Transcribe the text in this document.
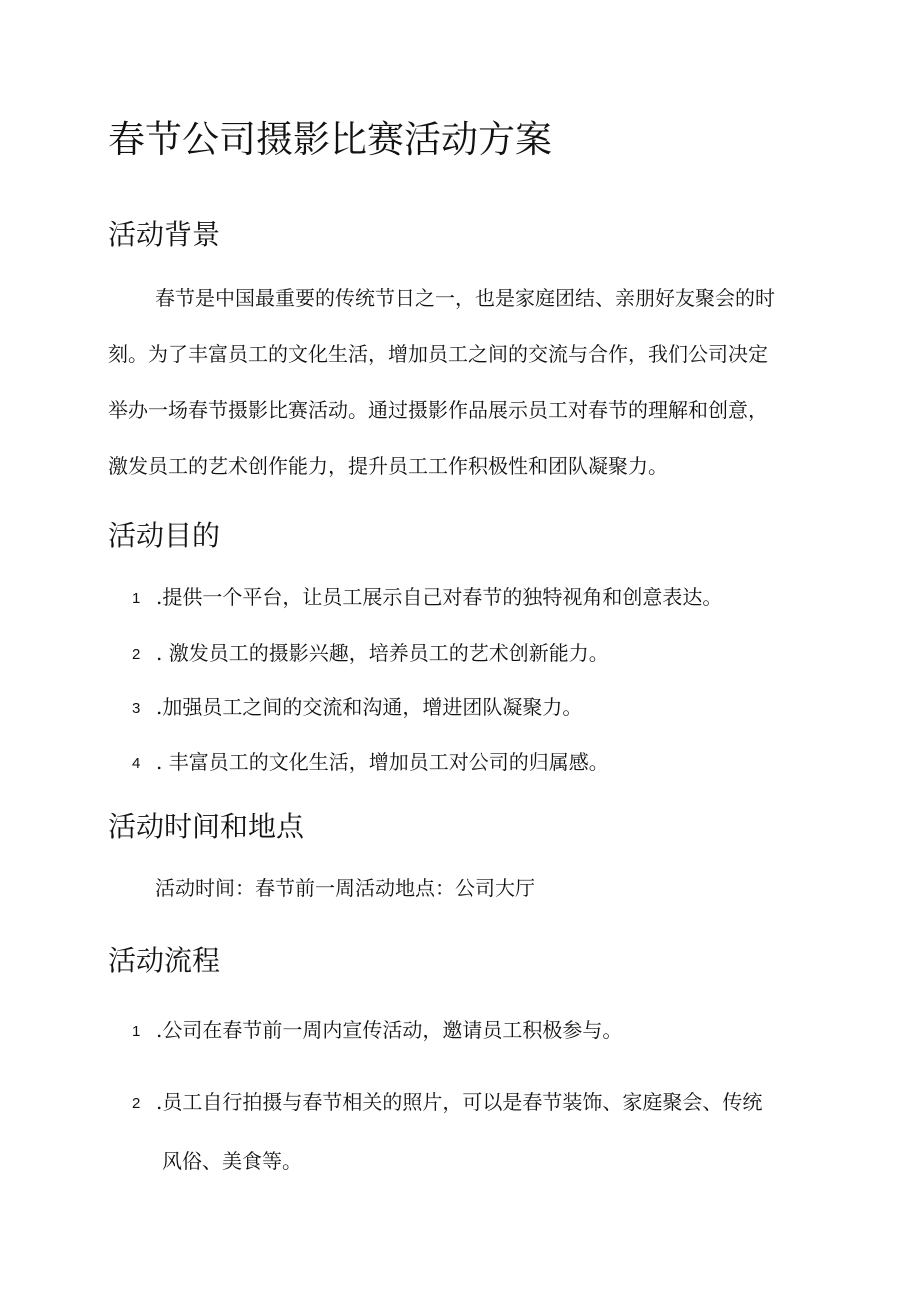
春节公司摄影比赛活动方案
活动背景
春节是中国最重要的传统节日之一，也是家庭团结、亲朋好友聚会的时
刻。为了丰富员工的文化生活，增加员工之间的交流与合作，我们公司决定
举办一场春节摄影比赛活动。通过摄影作品展示员工对春节的理解和创意，
激发员工的艺术创作能力，提升员工工作积极性和团队凝聚力。
活动目的
1 .提供一个平台，让员工展示自己对春节的独特视角和创意表达。
2 . 激发员工的摄影兴趣，培养员工的艺术创新能力。
3 .加强员工之间的交流和沟通，增进团队凝聚力。
4 . 丰富员工的文化生活，增加员工对公司的归属感。
活动时间和地点
活动时间：春节前一周活动地点：公司大厅
活动流程
1 .公司在春节前一周内宣传活动，邀请员工积极参与。
2 .员工自行拍摄与春节相关的照片，可以是春节装饰、家庭聚会、传统
风俗、美食等。
